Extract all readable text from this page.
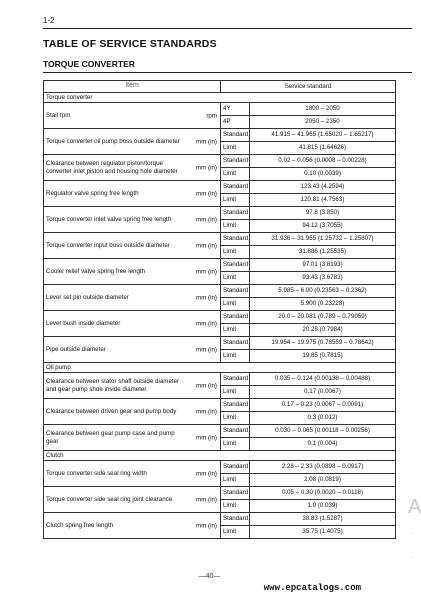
1-2
TABLE OF SERVICE STANDARDS
TORQUE CONVERTER
Item	Service standard	
Torque converter		

Stall rpm rpm	4Y	1800 – 2050
	4P	2050 – 2350

Torque converter oil pump boss outside diameter mm (in)	Standard	41.915 – 41.965 (1.65020 – 1.65217)
	Limit	41.815 (1.64626)

Clearance between regulator piston/torque converter inlet piston and housing hole diameter
mm (in)	Standard	0.02 – 0.056 (0.0008 – 0.00228)
	Limit	0.10 (0.0039)

Regulator valve spring free length mm (in)	Standard	123.43 (4.2594)
	Limit	120.81 (4.7563)

Torque converter inlet valve spring free length mm (in)	Standard	97.8 (3.850)
	Limit	94.12 (3.7055)

Torque converter input boss outside diameter mm (in)	Standard	31.936 – 31.955 (1.25732 – 1.25807)
	Limit	31.886 (1.25535)

Cooler relief valve spring free length mm (in)	Standard	97.01 (3.8193)
	Limit	93.43 (3.6783)

Lever set pin outside diameter mm (in)	Standard	5.985 – 6.00 (0.23563 – 0.2362)
	Limit	5.900 (0.23228)

Lever bush inside diameter mm (in)	Standard	20.0 – 20.081 (0.789 – 0.79059)
	Limit	20.28 (0.7984)

Pipe outside diameter mm (in)	Standard	19.954 – 19.975 (0.78559 – 0.78642)
	Limit	19.85 (0.7815)
Oil pump		

Clearance between stator shaft outside diameter and gear pump shoe inside diameter
mm (in)	Standard	0.035 – 0.124 (0.00138 – 0.00488)
	Limit	0.17 (0.0067)

Clearance between driven gear and pump body mm (in)	Standard	0.17 – 0.23 (0.0067 – 0.0091)
	Limit	0.3 (0.012)

Clearance between gear pump case and pump gear
mm (in)	Standard	0.030 – 0.065 (0.00118 – 0.00256)
	Limit	0.1 (0.004)
Clutch		

Torque converter side seal ring width mm (in)	Standard	2.28 – 2.33 (0.0898 – 0.0917)
	Limit	2.08 (0.0819)

Torque converter side seal ring joint clearance mm (in)	Standard	0.05 – 0.30 (0.0020 – 0.0118)
	Limit	1.0 (0.039)

Clutch spring free length mm (in)	Standard	38.83 (1.5287)
	Limit	35.75 (1.4075)
—40—
www.epcatalogs.com
A
·
·
